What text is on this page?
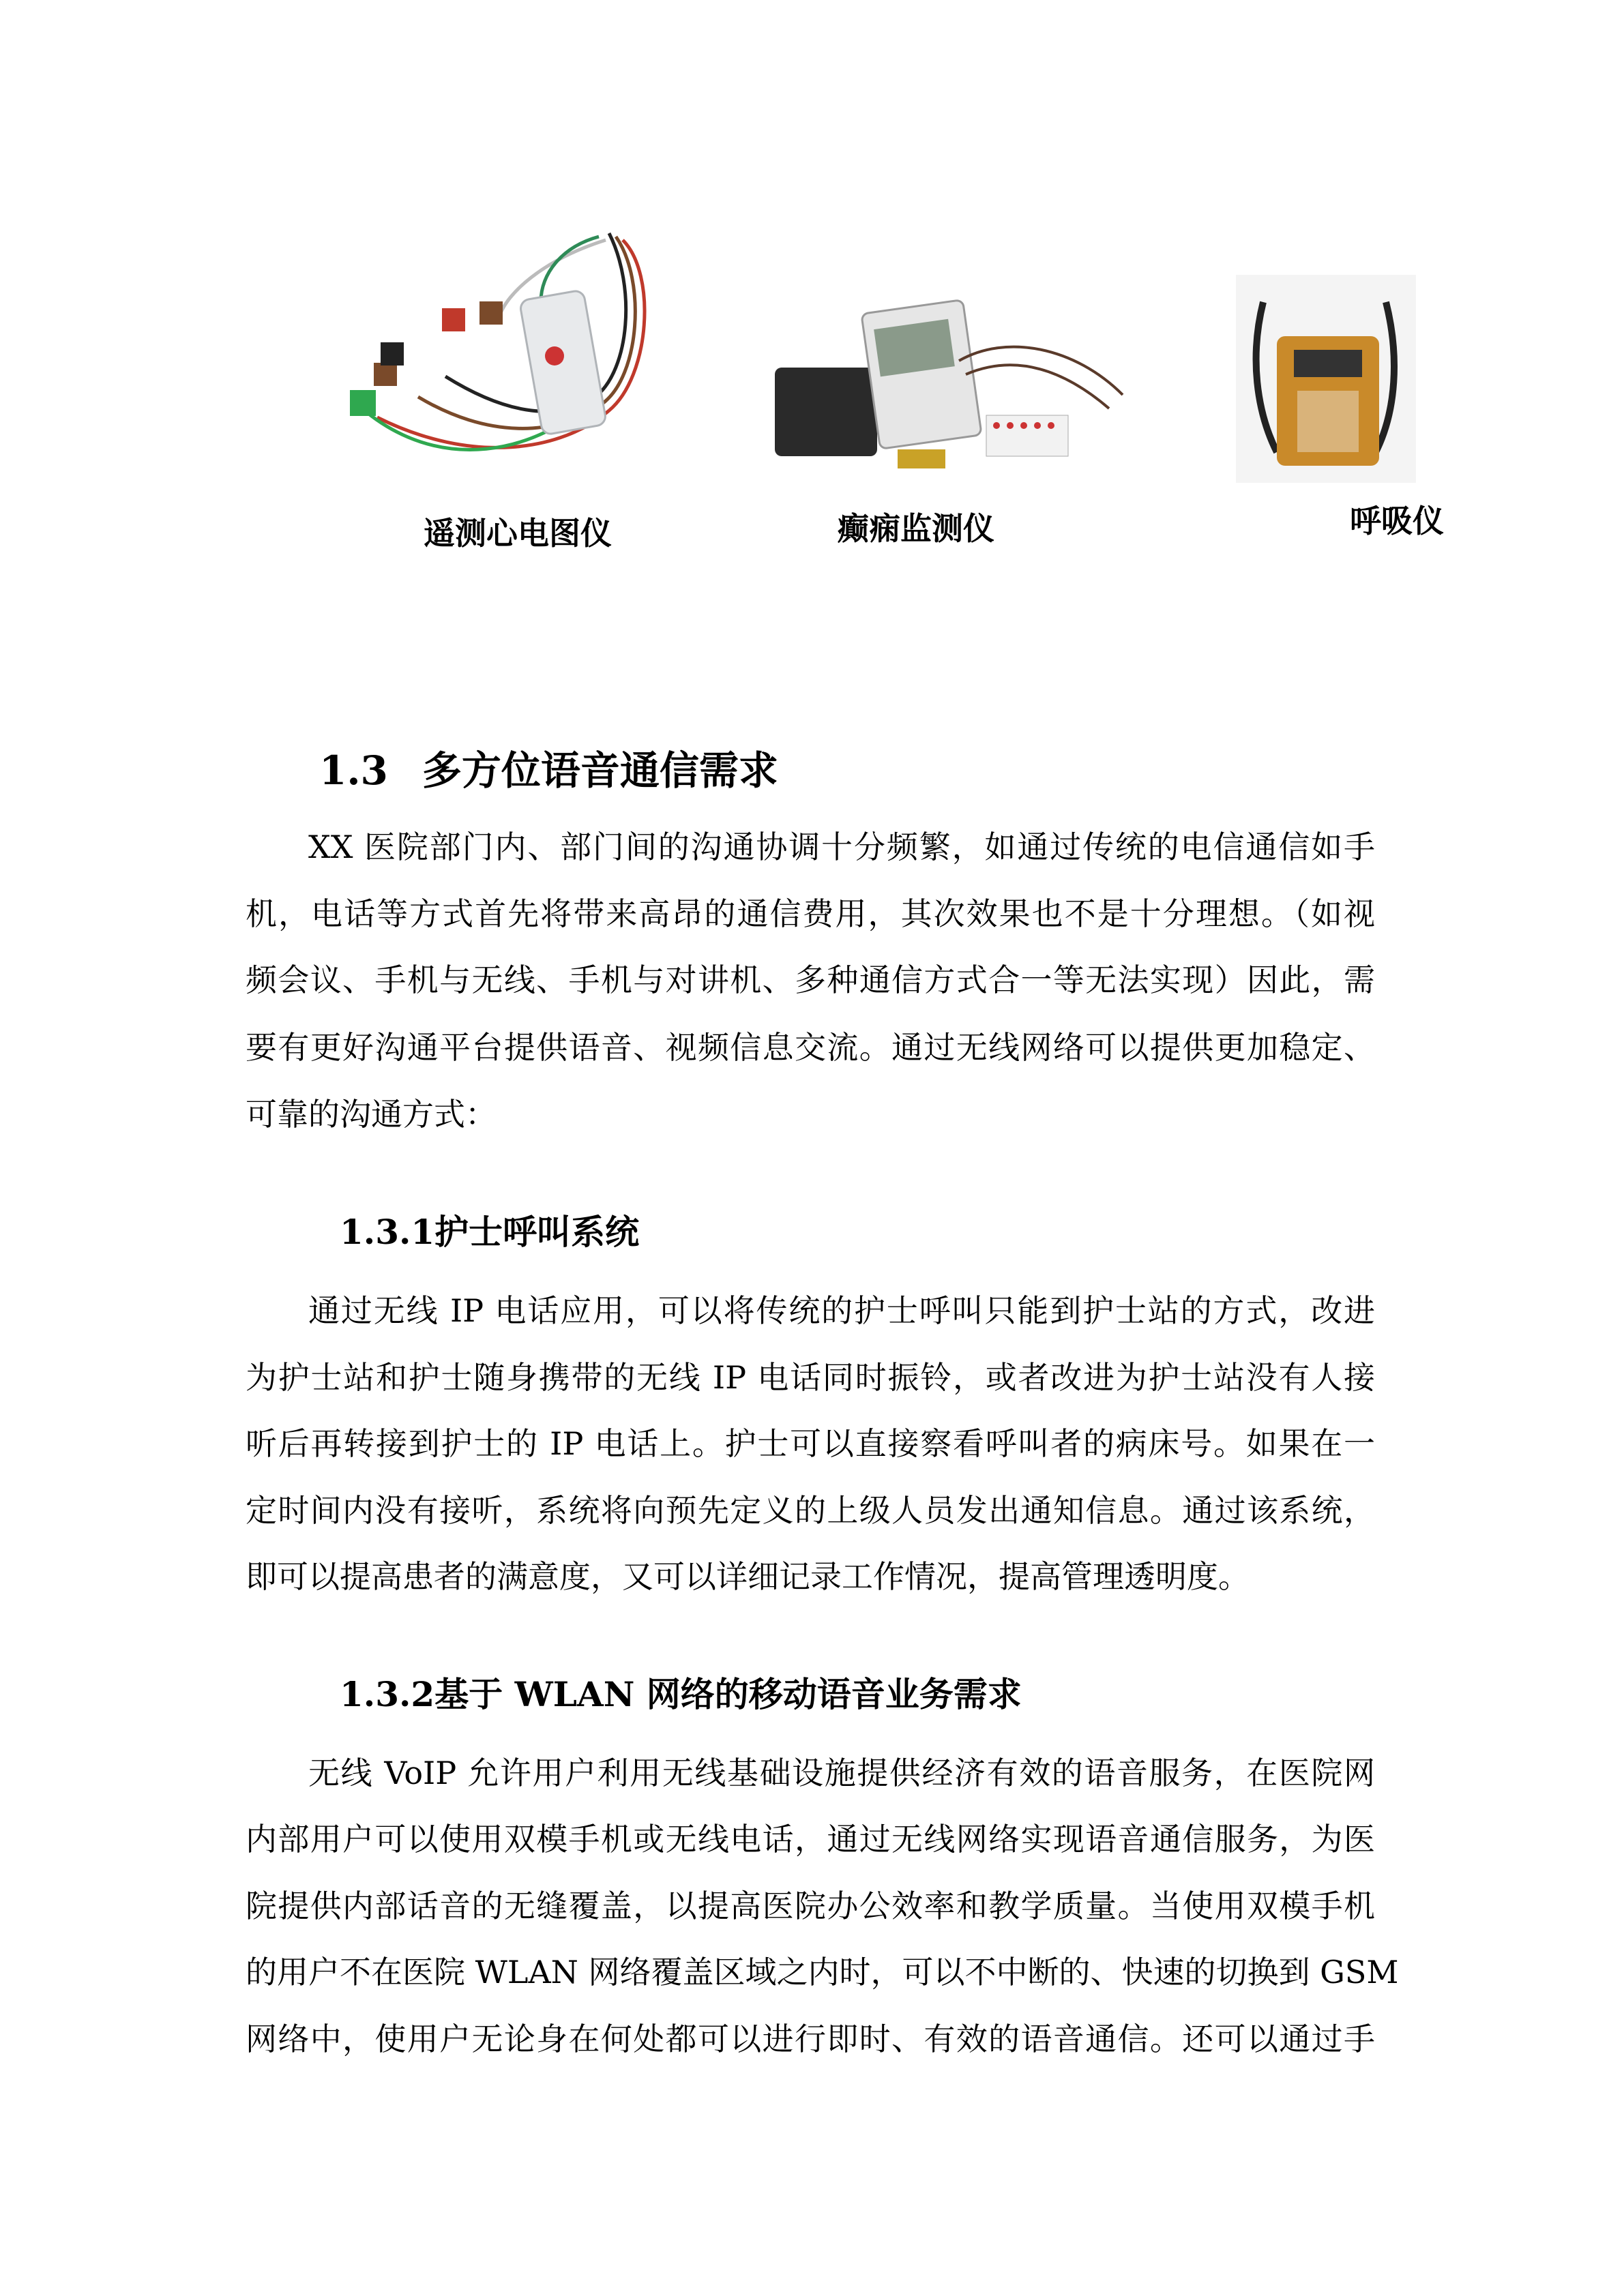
遥测心电图仪	癫痫监测仪	呼吸仪
1.3 多方位语音通信需求
XX 医院部门内、部门间的沟通协调十分频繁，如通过传统的电信通信如手
机，电话等方式首先将带来高昂的通信费用，其次效果也不是十分理想。（如视
频会议、手机与无线、手机与对讲机、多种通信方式合一等无法实现）因此，需
要有更好沟通平台提供语音、视频信息交流。通过无线网络可以提供更加稳定、
可靠的沟通方式：
1.3.1护士呼叫系统
通过无线 IP 电话应用，可以将传统的护士呼叫只能到护士站的方式，改进
为护士站和护士随身携带的无线 IP 电话同时振铃，或者改进为护士站没有人接
听后再转接到护士的 IP 电话上。护士可以直接察看呼叫者的病床号。如果在一
定时间内没有接听，系统将向预先定义的上级人员发出通知信息。通过该系统，
即可以提高患者的满意度，又可以详细记录工作情况，提高管理透明度。
1.3.2基于 WLAN 网络的移动语音业务需求
无线 VoIP 允许用户利用无线基础设施提供经济有效的语音服务，在医院网
内部用户可以使用双模手机或无线电话，通过无线网络实现语音通信服务，为医
院提供内部话音的无缝覆盖，以提高医院办公效率和教学质量。当使用双模手机
的用户不在医院 WLAN 网络覆盖区域之内时，可以不中断的、快速的切换到 GSM
网络中，使用户无论身在何处都可以进行即时、有效的语音通信。还可以通过手
